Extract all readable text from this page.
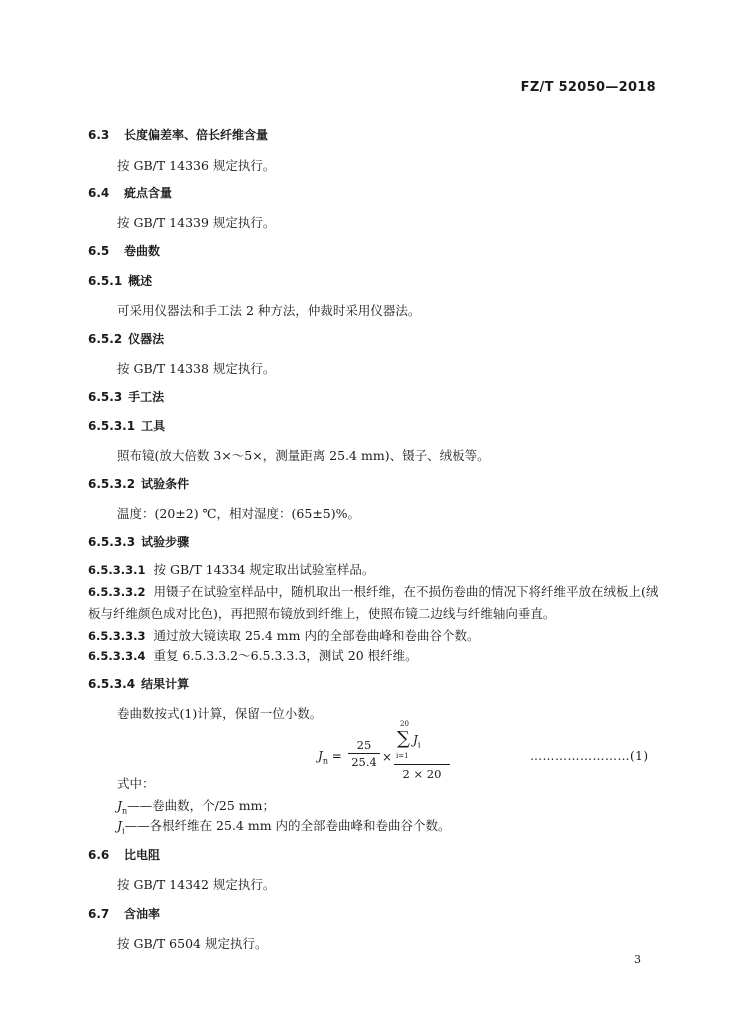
FZ/T 52050—2018
6.3 长度偏差率、倍长纤维含量
按 GB/T 14336 规定执行。
6.4 疵点含量
按 GB/T 14339 规定执行。
6.5 卷曲数
6.5.1 概述
可采用仪器法和手工法 2 种方法，仲裁时采用仪器法。
6.5.2 仪器法
按 GB/T 14338 规定执行。
6.5.3 手工法
6.5.3.1 工具
照布镜(放大倍数 3×～5×，测量距离 25.4 mm)、镊子、绒板等。
6.5.3.2 试验条件
温度：(20±2) ℃，相对湿度：(65±5)%。
6.5.3.3 试验步骤
6.5.3.3.1 按 GB/T 14334 规定取出试验室样品。
6.5.3.3.2 用镊子在试验室样品中，随机取出一根纤维，在不损伤卷曲的情况下将纤维平放在绒板上(绒板与纤维颜色成对比色)，再把照布镜放到纤维上，使照布镜二边线与纤维轴向垂直。
6.5.3.3.3 通过放大镜读取 25.4 mm 内的全部卷曲峰和卷曲谷个数。
6.5.3.3.4 重复 6.5.3.3.2～6.5.3.3.3，测试 20 根纤维。
6.5.3.4 结果计算
卷曲数按式(1)计算，保留一位小数。
$J_n$ =
25
25.4 × 20
∑
i=1
$J_i$
2 × 20	……………………(1)
式中：
$J_n——$卷曲数，个/25 mm；
$J_i——$各根纤维在 25.4 mm 内的全部卷曲峰和卷曲谷个数。
6.6 比电阻
按 GB/T 14342 规定执行。
6.7 含油率
按 GB/T 6504 规定执行。
3
